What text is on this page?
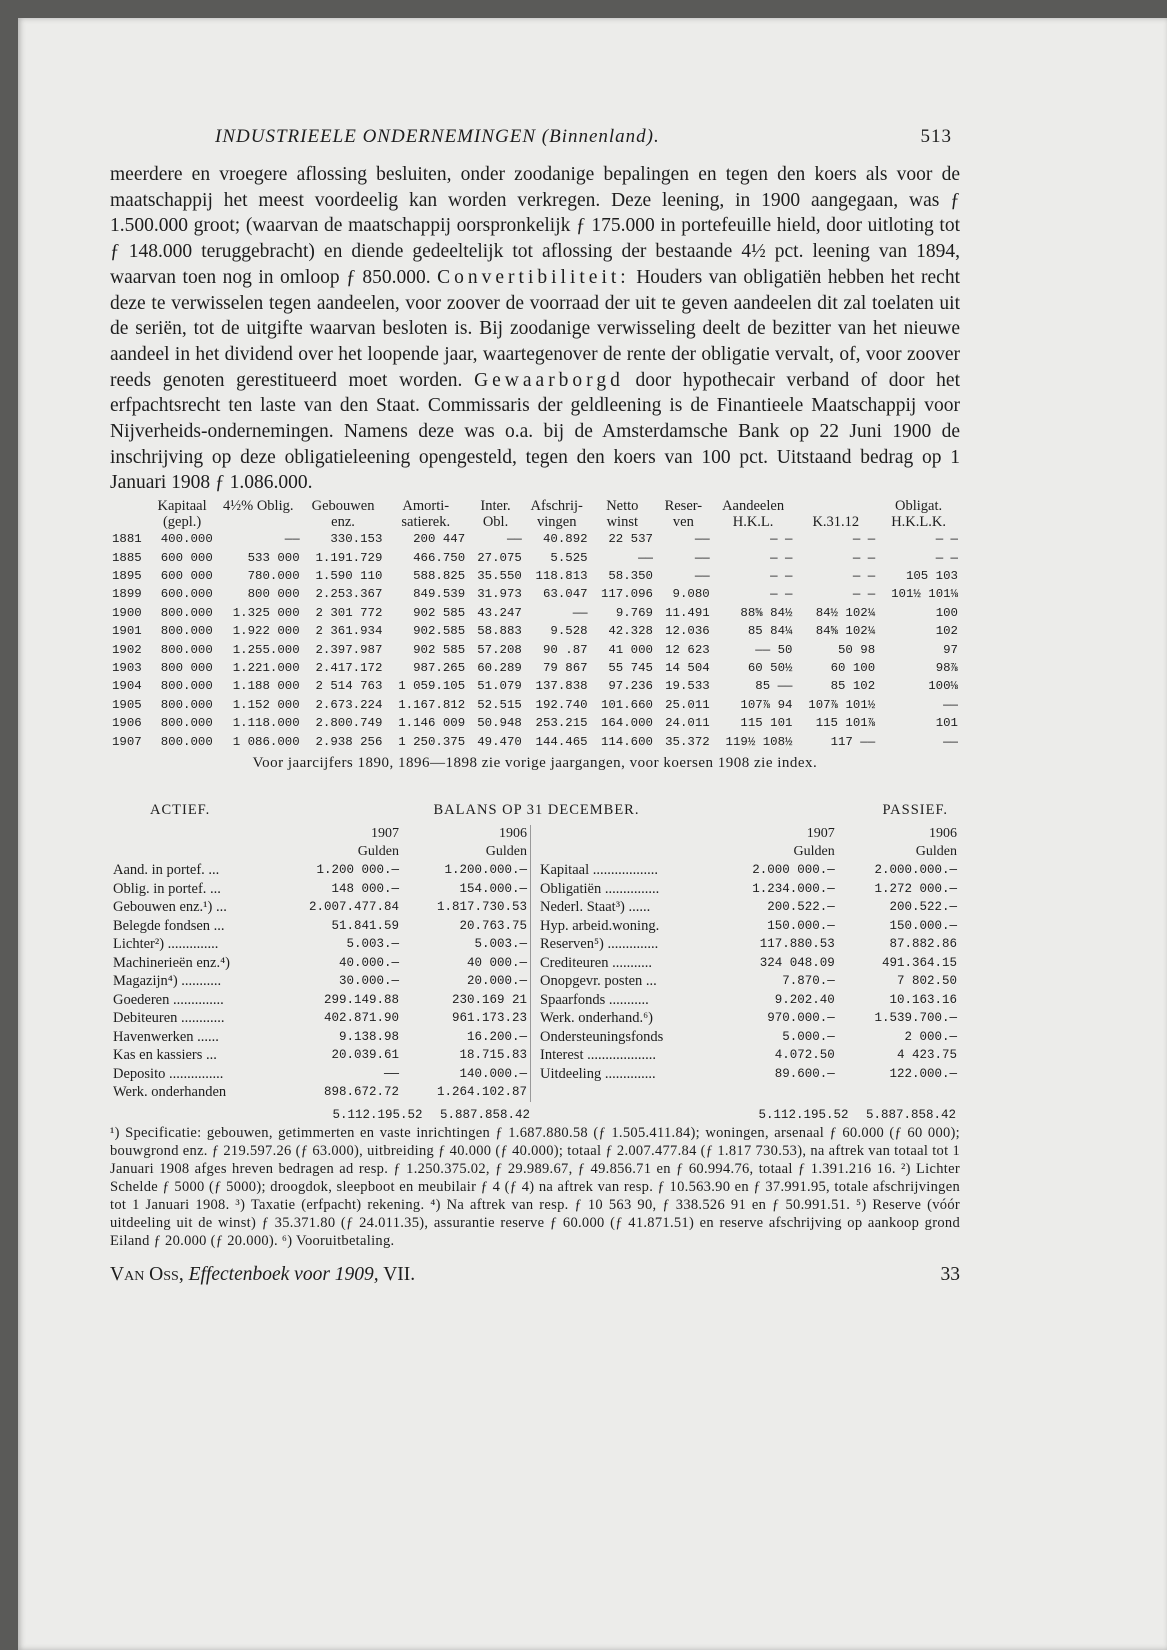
INDUSTRIEELE ONDERNEMINGEN (Binnenland).	513

meerdere en vroegere aflossing besluiten, onder zoodanige bepalingen en tegen den koers als voor de maatschappij het meest voordeelig kan worden verkregen. Deze leening, in 1900 aangegaan, was ƒ 1.500.000 groot; (waarvan de maatschappij oorspronkelijk ƒ 175.000 in portefeuille hield, door uitloting tot ƒ 148.000 teruggebracht) en diende gedeeltelijk tot aflossing der bestaande 4½ pct. leening van 1894, waarvan toen nog in omloop ƒ 850.000. Convertibiliteit: Houders van obligatiën hebben het recht deze te verwisselen tegen aandeelen, voor zoover de voorraad der uit te geven aandeelen dit zal toelaten uit de seriën, tot de uitgifte waarvan besloten is. Bij zoodanige verwisseling deelt de bezitter van het nieuwe aandeel in het dividend over het loopende jaar, waartegenover de rente der obligatie vervalt, of, voor zoover reeds genoten gerestitueerd moet worden. Gewaarborgd door hypothecair verband of door het erfpachtsrecht ten laste van den Staat. Commissaris der geldleening is de Finantieele Maatschappij voor Nijverheids-ondernemingen. Namens deze was o.a. bij de Amsterdamsche Bank op 22 Juni 1900 de inschrijving op deze obligatieleening opengesteld, tegen den koers van 100 pct. Uitstaand bedrag op 1 Januari 1908 ƒ 1.086.000.

	Kapitaal	4½% Oblig.	Gebouwen	Amorti-	Inter.	Afschrij-	Netto	Reser-	Aandeelen		Obligat.
	(gepl.)		enz.	satierek.	Obl.	vingen	winst	ven	H.K.L.	K.31.12	H.K.L.K.
1881	400.000	——	330.153	200 447	——	40.892	22 537	——	— —	— —	— —
1885	600 000	533 000	1.191.729	466.750	27.075	5.525	——	——	— —	— —	— —
1895	600 000	780.000	1.590 110	588.825	35.550	118.813	58.350	——	— —	— —	105 103
1899	600.000	800 000	2.253.367	849.539	31.973	63.047	117.096	9.080	— —	— —	101½ 101⅛
1900	800.000	1.325 000	2 301 772	902 585	43.247	——	9.769	11.491	88⅝ 84½	84½ 102¼	100
1901	800.000	1.922 000	2 361.934	902.585	58.883	9.528	42.328	12.036	85 84¼	84⅝ 102¼	102
1902	800.000	1.255.000	2.397.987	902 585	57.208	90 .87	41 000	12 623	—— 50	50 98	97
1903	800 000	1.221.000	2.417.172	987.265	60.289	79 867	55 745	14 504	60 50½	60 100	98⅞
1904	800.000	1.188 000	2 514 763	1 059.105	51.079	137.838	97.236	19.533	85 ——	85 102	100⅛
1905	800.000	1.152 000	2.673.224	1.167.812	52.515	192.740	101.660	25.011	107⅞ 94	107⅞ 101½	——
1906	800.000	1.118.000	2.800.749	1.146 009	50.948	253.215	164.000	24.011	115 101	115 101⅞	101
1907	800.000	1 086.000	2.938 256	1 250.375	49.470	144.465	114.600	35.372	119½ 108½	117 ——	——

Voor jaarcijfers 1890, 1896—1898 zie vorige jaargangen, voor koersen 1908 zie index.

ACTIEF.	BALANS OP 31 DECEMBER.	PASSIEF.
	1907	1906
	Gulden	Gulden
Aand. in portef. ...	1.200 000.—	1.200.000.—
Oblig. in portef. ...	148 000.—	154.000.—
Gebouwen enz.¹) ...	2.007.477.84	1.817.730.53
Belegde fondsen ...	51.841.59	20.763.75
Lichter²) ..............	5.003.—	5.003.—
Machinerieën enz.⁴)	40.000.—	40 000.—
Magazijn⁴) ...........	30.000.—	20.000.—
Goederen ..............	299.149.88	230.169 21
Debiteuren ............	402.871.90	961.173.23
Havenwerken ......	9.138.98	16.200.—
Kas en kassiers ...	20.039.61	18.715.83
Deposito ...............	——	140.000.—
Werk. onderhanden	898.672.72	1.264.102.87
	1907	1906
	Gulden	Gulden
Kapitaal ..................	2.000 000.—	2.000.000.—
Obligatiën ...............	1.234.000.—	1.272 000.—
Nederl. Staat³) ......	200.522.—	200.522.—
Hyp. arbeid.woning.	150.000.—	150.000.—
Reserven⁵) ..............	117.880.53	87.882.86
Crediteuren ...........	324 048.09	491.364.15
Onopgevr. posten ...	7.870.—	7 802.50
Spaarfonds ...........	9.202.40	10.163.16
Werk. onderhand.⁶)	970.000.—	1.539.700.—
Ondersteuningsfonds	5.000.—	2 000.—
Interest ...................	4.072.50	4 423.75
Uitdeeling ..............	89.600.—	122.000.—
5.112.195.52 5.887.858.42	5.112.195.52 5.887.858.42

¹) Specificatie: gebouwen, getimmerten en vaste inrichtingen ƒ 1.687.880.58 (ƒ 1.505.411.84); woningen, arsenaal ƒ 60.000 (ƒ 60 000); bouwgrond enz. ƒ 219.597.26 (ƒ 63.000), uitbreiding ƒ 40.000 (ƒ 40.000); totaal ƒ 2.007.477.84 (ƒ 1.817 730.53), na aftrek van totaal tot 1 Januari 1908 afges hreven bedragen ad resp. ƒ 1.250.375.02, ƒ 29.989.67, ƒ 49.856.71 en ƒ 60.994.76, totaal ƒ 1.391.216 16. ²) Lichter Schelde ƒ 5000 (ƒ 5000); droogdok, sleepboot en meubilair ƒ 4 (ƒ 4) na aftrek van resp. ƒ 10.563.90 en ƒ 37.991.95, totale afschrijvingen tot 1 Januari 1908. ³) Taxatie (erfpacht) rekening. ⁴) Na aftrek van resp. ƒ 10 563 90, ƒ 338.526 91 en ƒ 50.991.51. ⁵) Reserve (vóór uitdeeling uit de winst) ƒ 35.371.80 (ƒ 24.011.35), assurantie reserve ƒ 60.000 (ƒ 41.871.51) en reserve afschrijving op aankoop grond Eiland ƒ 20.000 (ƒ 20.000). ⁶) Vooruitbetaling.

Van Oss, Effectenboek voor 1909, VII.	33
